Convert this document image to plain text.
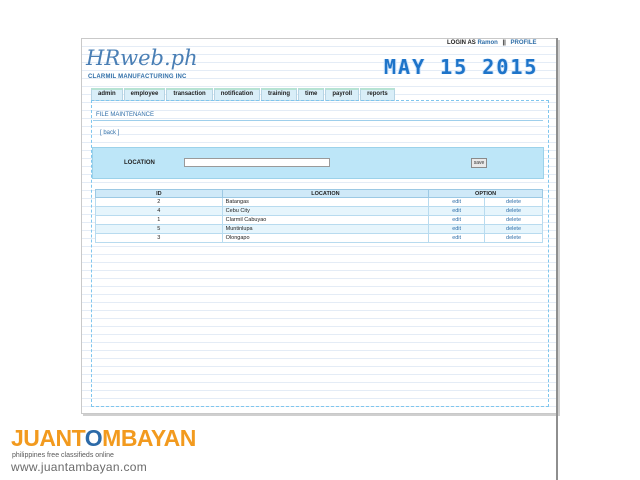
HRweb.ph
CLARMIL MANUFACTURING INC
LOGIN AS Ramon || PROFILE
MAY 15 2015
admin	employee	transaction	notification	training	time	payroll	reports
FILE MAINTENANCE
[ back ]
LOCATION	save
ID	LOCATION	OPTION	
2	Batangas	edit	delete
4	Cebu City	edit	delete
1	Clarmil Cabuyao	edit	delete
5	Muntinlupa	edit	delete
3	Olongapo	edit	delete
JUANTOMBAYAN
philippines free classifieds online
www.juantambayan.com
